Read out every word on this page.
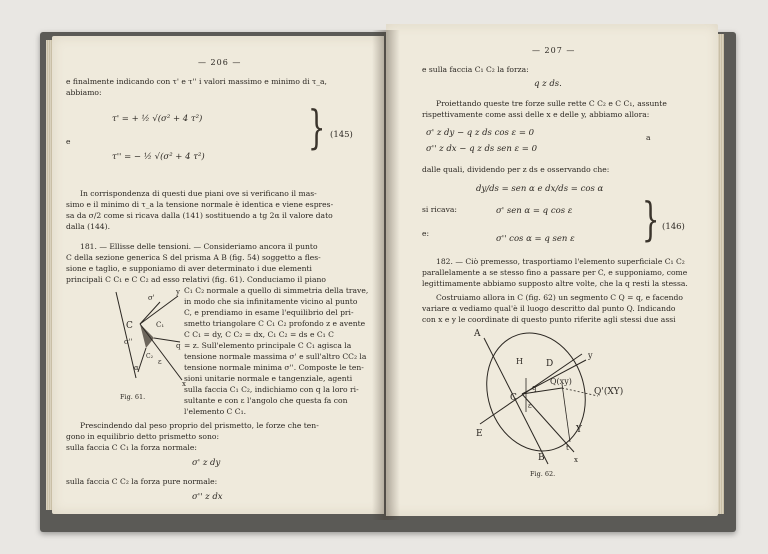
— 206 —
e finalmente indicando con τ' e τ'' i valori massimo e minimo di τ_a,
abbiamo:
τ' = + ½ √(σ² + 4 τ²)
e
τ'' = − ½ √(σ² + 4 τ²)
} (145)
In corrispondenza di questi due piani ove si verificano il mas-
simo e il minimo di τ_a la tensione normale è identica e viene espres-
sa da σ/2 come si ricava dalla (141) sostituendo a tg 2α il valore dato
dalla (144).
181. — Ellisse delle tensioni. — Consideriamo ancora il punto
C della sezione generica S del prisma A B (fig. 54) soggetto a fles-
sione e taglio, e supponiamo di aver determinato i due elementi
principali C C₁ e C C₂ ad esso relativi (fig. 61). Conduciamo il piano
C₁ C₂ normale a quello di simmetria della trave,
in modo che sia infinitamente vicino al punto
C, e prendiamo in esame l'equilibrio del pri-
smetto triangolare C C₁ C₂ profondo z e avente
C C₁ = dy, C C₂ = dx, C₁ C₂ = ds e C₁ C
= z. Sull'elemento principale C C₁ agisca la
tensione normale massima σ' e sull'altro CC₂ la
tensione normale minima σ''. Composte le ten-
sioni unitarie normale e tangenziale, agenti
sulla faccia C₁ C₂, indichiamo con q la loro ri-
sultante e con ε l'angolo che questa fa con
l'elemento C C₁.
C	C₁
σ'
y
q
α
ε
σ''
C₂
x
Fig. 61.
Prescindendo dal peso proprio del prismetto, le forze che ten-
gono in equilibrio detto prismetto sono:
sulla faccia C C₁ la forza normale:
σ' z dy
sulla faccia C C₂ la forza pure normale:
σ'' z dx
— 207 —
e sulla faccia C₁ C₂ la forza:
q z ds.
Proiettando queste tre forze sulle rette C C₂ e C C₁, assunte
rispettivamente come assi delle x e delle y, abbiamo allora:
σ' z dy − q z ds cos ε = 0	a
σ'' z dx − q z ds sen ε = 0
dalle quali, dividendo per z ds e osservando che:
dy/ds = sen α e dx/ds = cos α
si ricava:	σ' sen α = q cos ε
e:
σ'' cos α = q sen ε } (146)
182. — Ciò premesso, trasportiamo l'elemento superficiale C₁ C₂
parallelamente a se stesso fino a passare per C, e supponiamo, come
legittimamente abbiamo supposto altre volte, che la q resti la stessa.
Costruiamo allora in C (fig. 62) un segmento C Q = q, e facendo
variare α vediamo qual'è il luogo descritto dal punto Q. Indicando
con x e y le coordinate di questo punto riferite agli stessi due assi
A
H	D
y
C
Q(xy)
Q'(XY)
q
ε
E	Y
t
B	x
Fig. 62.
